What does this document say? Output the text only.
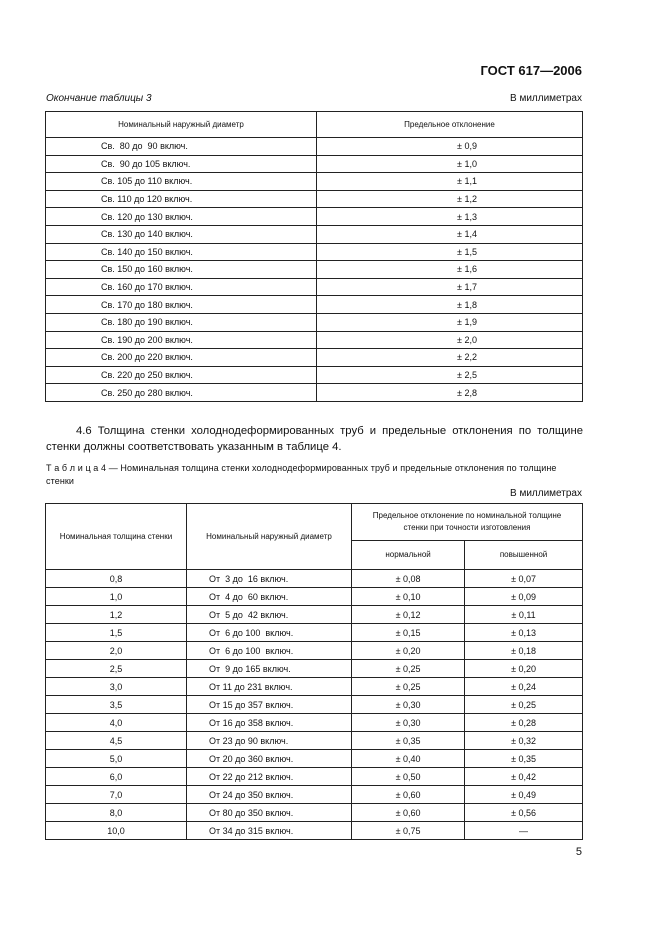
ГОСТ 617—2006
Окончание таблицы 3	В миллиметрах
Номинальный наружный диаметр	Предельное отклонение
Св.  80 до  90 включ.	± 0,9
Св.  90 до 105 включ.	± 1,0
Св. 105 до 110 включ.	± 1,1
Св. 110 до 120 включ.	± 1,2
Св. 120 до 130 включ.	± 1,3
Св. 130 до 140 включ.	± 1,4
Св. 140 до 150 включ.	± 1,5
Св. 150 до 160 включ.	± 1,6
Св. 160 до 170 включ.	± 1,7
Св. 170 до 180 включ.	± 1,8
Св. 180 до 190 включ.	± 1,9
Св. 190 до 200 включ.	± 2,0
Св. 200 до 220 включ.	± 2,2
Св. 220 до 250 включ.	± 2,5
Св. 250 до 280 включ.	± 2,8
4.6 Толщина стенки холоднодеформированных труб и предельные отклонения по толщине стенки должны соответствовать указанным в таблице 4.
Т а б л и ц а 4 — Номинальная толщина стенки холоднодеформированных труб и предельные отклонения по толщине стенки
В миллиметрах
Номинальная толщина стенки	Номинальный наружный диаметр	Предельное отклонение по номинальной толщине стенки при точности изготовления	
		нормальной	повышенной
0,8	От  3 до  16 включ.	± 0,08	± 0,07
1,0	От  4 до  60 включ.	± 0,10	± 0,09
1,2	От  5 до  42 включ.	± 0,12	± 0,11
1,5	От  6 до 100  включ.	± 0,15	± 0,13
2,0	От  6 до 100  включ.	± 0,20	± 0,18
2,5	От  9 до 165 включ.	± 0,25	± 0,20
3,0	От 11 до 231 включ.	± 0,25	± 0,24
3,5	От 15 до 357 включ.	± 0,30	± 0,25
4,0	От 16 до 358 включ.	± 0,30	± 0,28
4,5	От 23 до 90 включ.	± 0,35	± 0,32
5,0	От 20 до 360 включ.	± 0,40	± 0,35
6,0	От 22 до 212 включ.	± 0,50	± 0,42
7,0	От 24 до 350 включ.	± 0,60	± 0,49
8,0	От 80 до 350 включ.	± 0,60	± 0,56
10,0	От 34 до 315 включ.	± 0,75	—
5
